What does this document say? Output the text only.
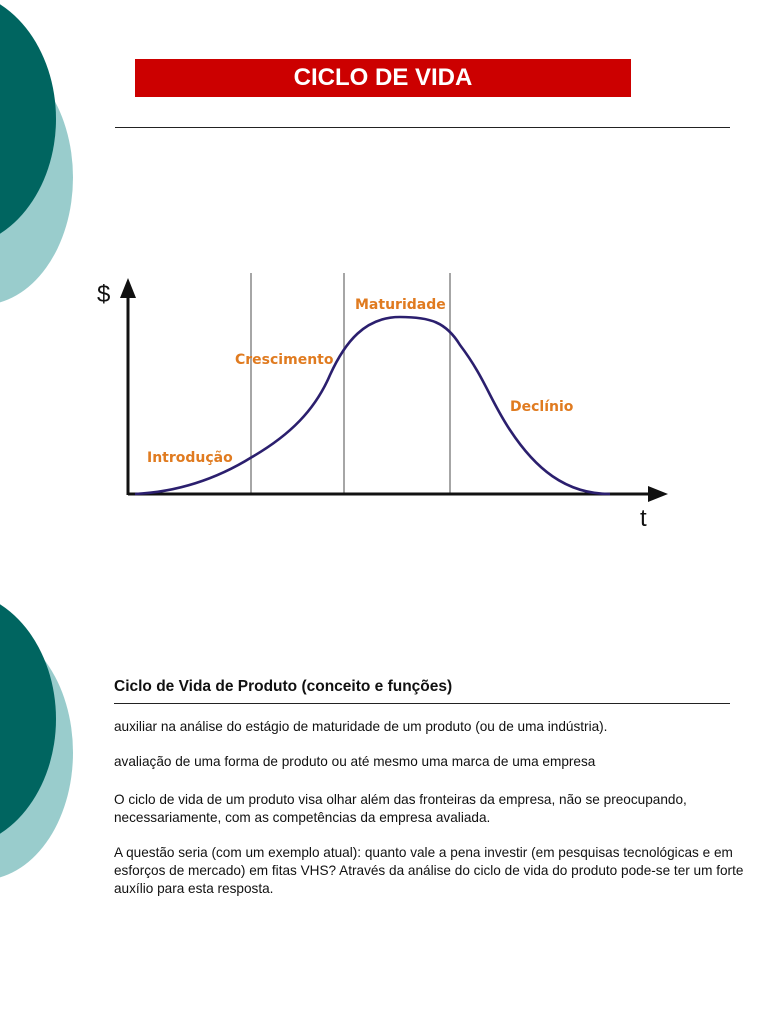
CICLO DE VIDA
$
t
Introdução
Crescimento
Maturidade
Declínio
Ciclo de Vida de Produto (conceito e funções)
auxiliar na análise do estágio de maturidade de um produto (ou de uma indústria).
avaliação de uma forma de produto ou até mesmo uma marca de uma empresa
O ciclo de vida de um produto visa olhar além das fronteiras da empresa, não se preocupando, necessariamente, com as competências da empresa avaliada.
A questão seria (com um exemplo atual): quanto vale a pena investir (em pesquisas tecnológicas e em esforços de mercado) em fitas VHS? Através da análise do ciclo de vida do produto pode-se ter um forte auxílio para esta resposta.
